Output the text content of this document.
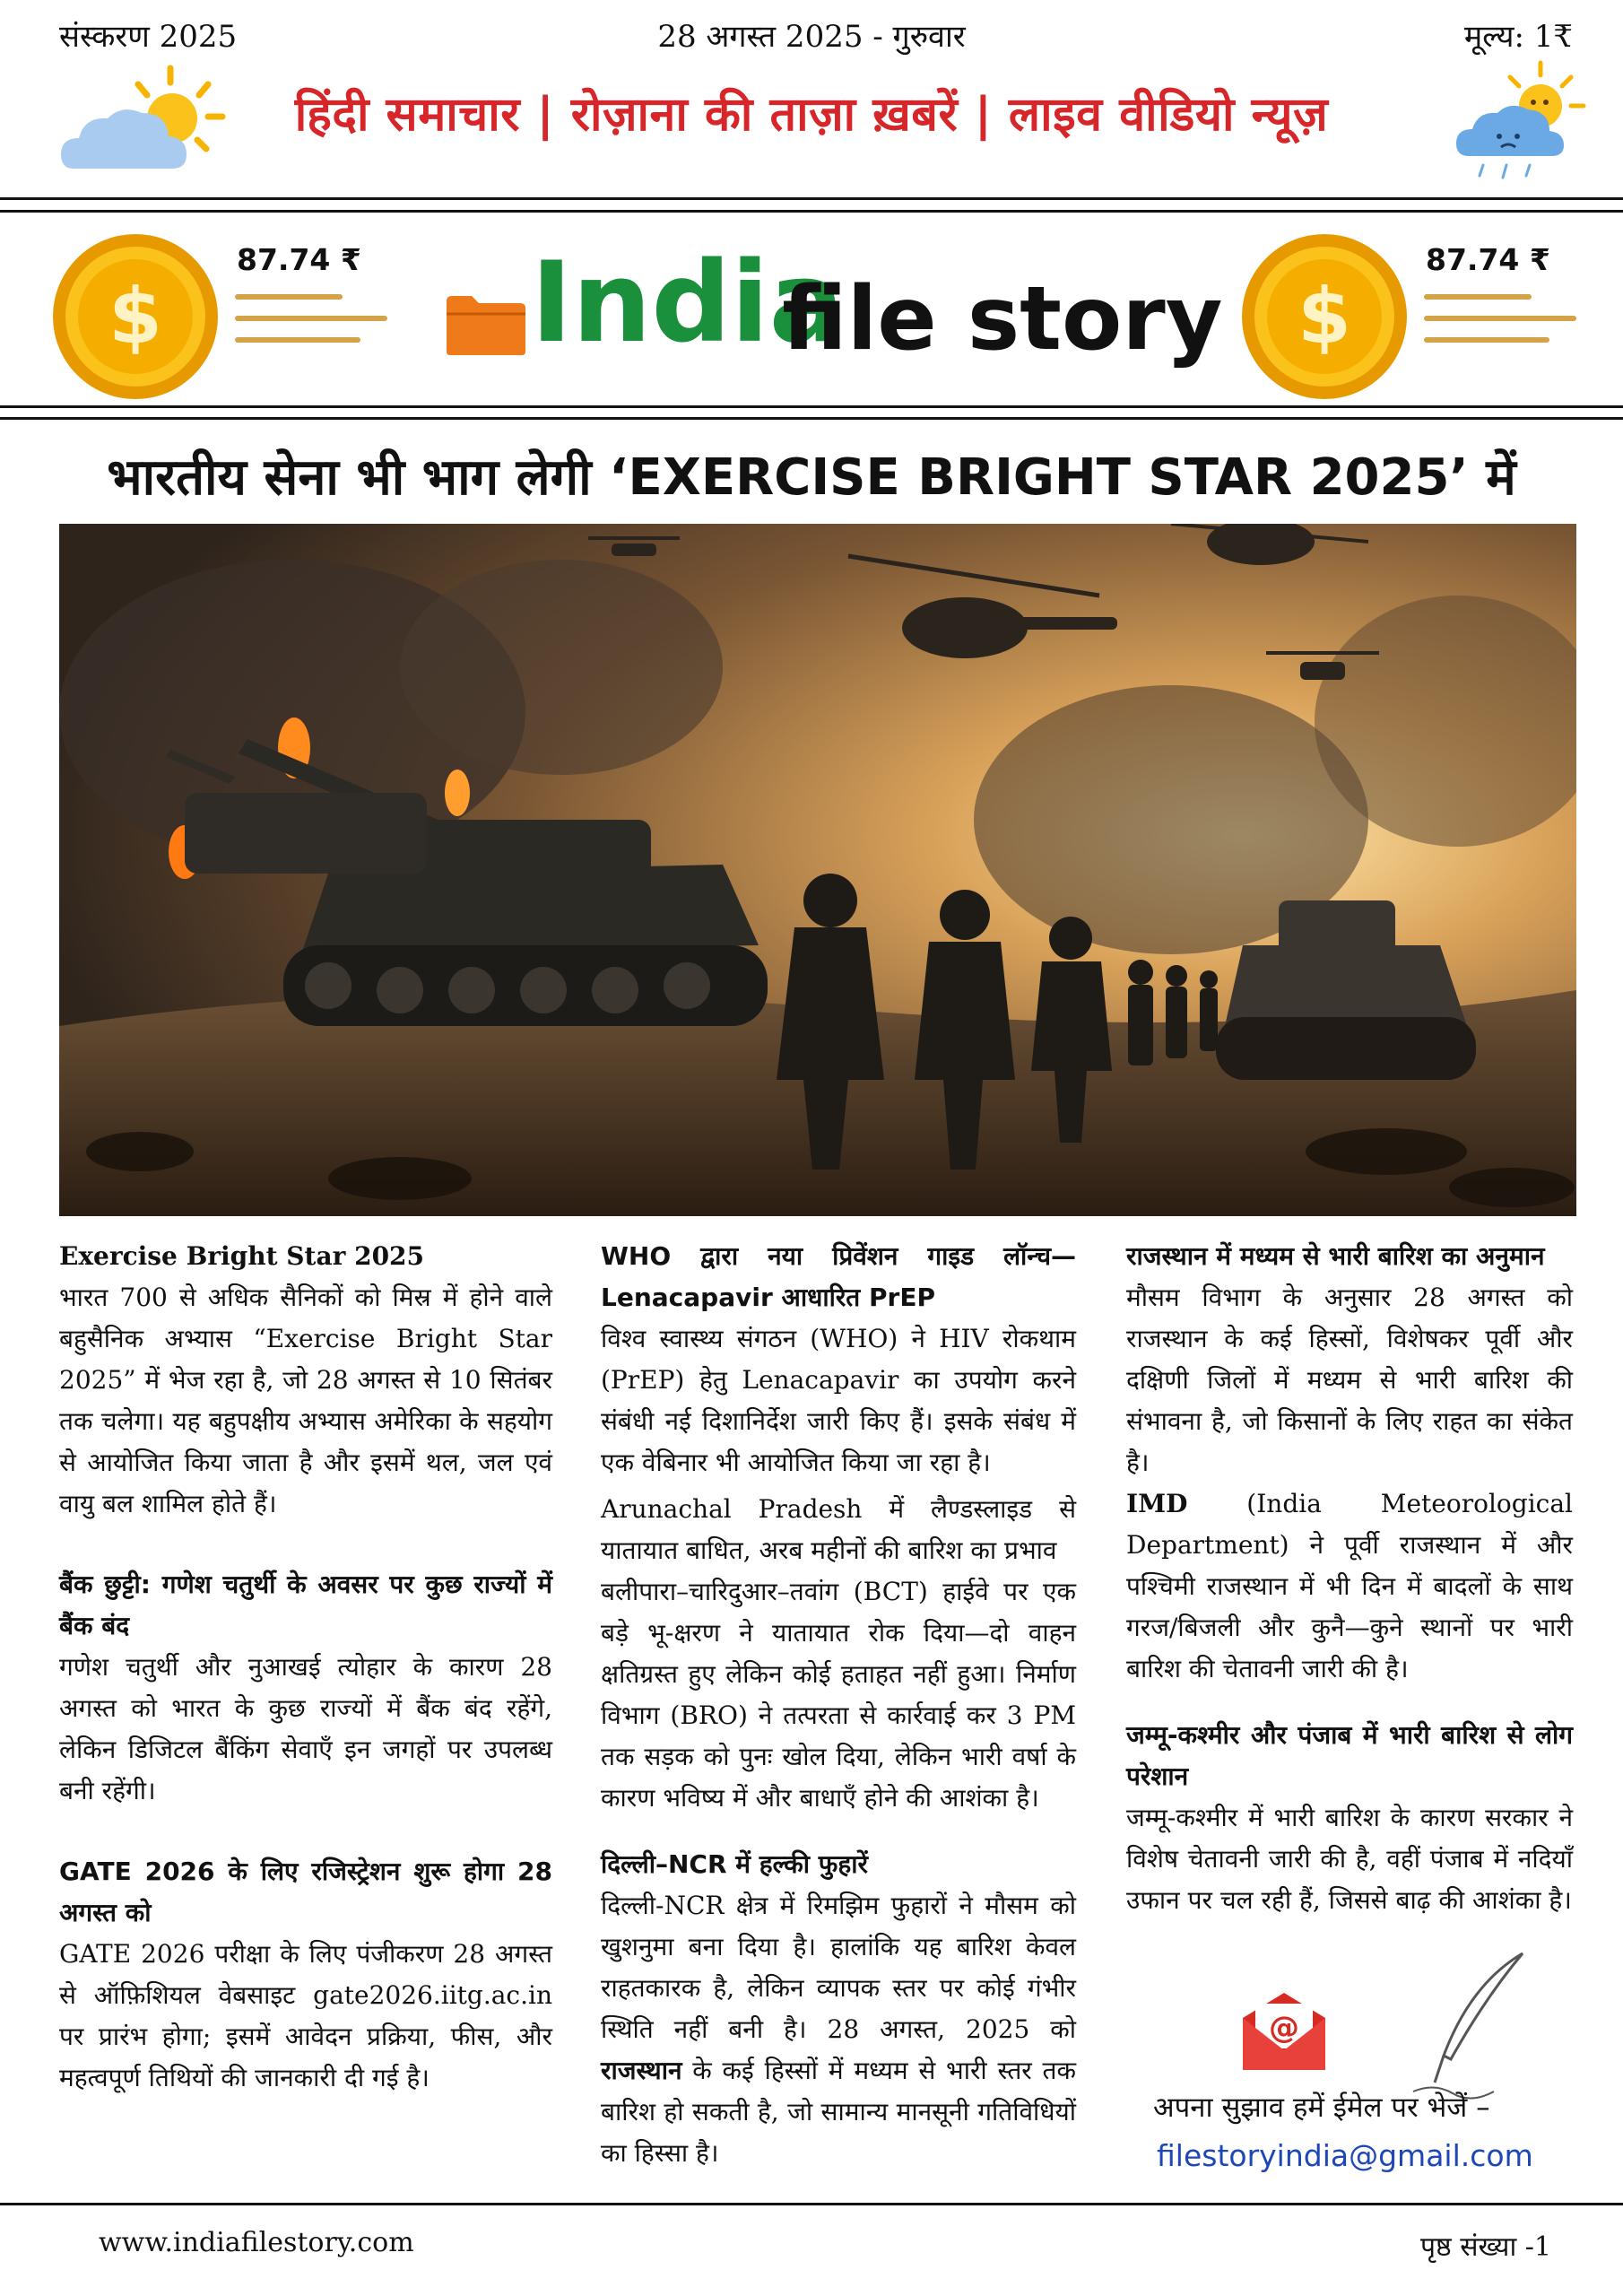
संस्करण 2025	28 अगस्त 2025 - गुरुवार	मूल्य: 1₹
हिंदी समाचार | रोज़ाना की ताज़ा ख़बरें | लाइव वीडियो न्यूज़
$
87.74 ₹ India
file story $
87.74 ₹
भारतीय सेना भी भाग लेगी ‘EXERCISE BRIGHT STAR 2025’ में
Exercise Bright Star 2025

भारत 700 से अधिक सैनिकों को मिस्र में होने वाले बहुसैनिक अभ्यास “Exercise Bright Star 2025” में भेज रहा है, जो 28 अगस्त से 10 सितंबर तक चलेगा। यह बहुपक्षीय अभ्यास अमेरिका के सहयोग से आयोजित किया जाता है और इसमें थल, जल एवं वायु बल शामिल होते हैं।

बैंक छुट्टी: गणेश चतुर्थी के अवसर पर कुछ राज्यों में बैंक बंद

गणेश चतुर्थी और नुआखई त्योहार के कारण 28 अगस्त को भारत के कुछ राज्यों में बैंक बंद रहेंगे, लेकिन डिजिटल बैंकिंग सेवाएँ इन जगहों पर उपलब्ध बनी रहेंगी।

GATE 2026 के लिए रजिस्ट्रेशन शुरू होगा 28 अगस्त को

GATE 2026 परीक्षा के लिए पंजीकरण 28 अगस्त से ऑफ़िशियल वेबसाइट gate2026.iitg.ac.in पर प्रारंभ होगा; इसमें आवेदन प्रक्रिया, फीस, और महत्वपूर्ण तिथियों की जानकारी दी गई है।

WHO द्वारा नया प्रिवेंशन गाइड लॉन्च— Lenacapavir आधारित PrEP

विश्व स्वास्थ्य संगठन (WHO) ने HIV रोकथाम (PrEP) हेतु Lenacapavir का उपयोग करने संबंधी नई दिशानिर्देश जारी किए हैं। इसके संबंध में एक वेबिनार भी आयोजित किया जा रहा है।

Arunachal Pradesh में लैण्डस्लाइड से यातायात बाधित, अरब महीनों की बारिश का प्रभाव

बलीपारा–चारिदुआर–तवांग (BCT) हाईवे पर एक बड़े भू-क्षरण ने यातायात रोक दिया—दो वाहन क्षतिग्रस्त हुए लेकिन कोई हताहत नहीं हुआ। निर्माण विभाग (BRO) ने तत्परता से कार्रवाई कर 3 PM तक सड़क को पुनः खोल दिया, लेकिन भारी वर्षा के कारण भविष्य में और बाधाएँ होने की आशंका है।

दिल्ली–NCR में हल्की फुहारें

दिल्ली-NCR क्षेत्र में रिमझिम फुहारों ने मौसम को खुशनुमा बना दिया है। हालांकि यह बारिश केवल राहतकारक है, लेकिन व्यापक स्तर पर कोई गंभीर स्थिति नहीं बनी है। 28 अगस्त, 2025 को राजस्थान के कई हिस्सों में मध्यम से भारी स्तर तक बारिश हो सकती है, जो सामान्य मानसूनी गतिविधियों का हिस्सा है।

राजस्थान में मध्यम से भारी बारिश का अनुमान

मौसम विभाग के अनुसार 28 अगस्त को राजस्थान के कई हिस्सों, विशेषकर पूर्वी और दक्षिणी जिलों में मध्यम से भारी बारिश की संभावना है, जो किसानों के लिए राहत का संकेत है।

IMD (India Meteorological Department) ने पूर्वी राजस्थान में और पश्चिमी राजस्थान में भी दिन में बादलों के साथ गरज/बिजली और कुनै—कुने स्थानों पर भारी बारिश की चेतावनी जारी की है।

जम्मू-कश्मीर और पंजाब में भारी बारिश से लोग परेशान

जम्मू-कश्मीर में भारी बारिश के कारण सरकार ने विशेष चेतावनी जारी की है, वहीं पंजाब में नदियाँ उफान पर चल रही हैं, जिससे बाढ़ की आशंका है।

@
अपना सुझाव हमें ईमेल पर भेजें –
filestoryindia@gmail.com
www.indiafilestory.com	पृष्ठ संख्या -1
